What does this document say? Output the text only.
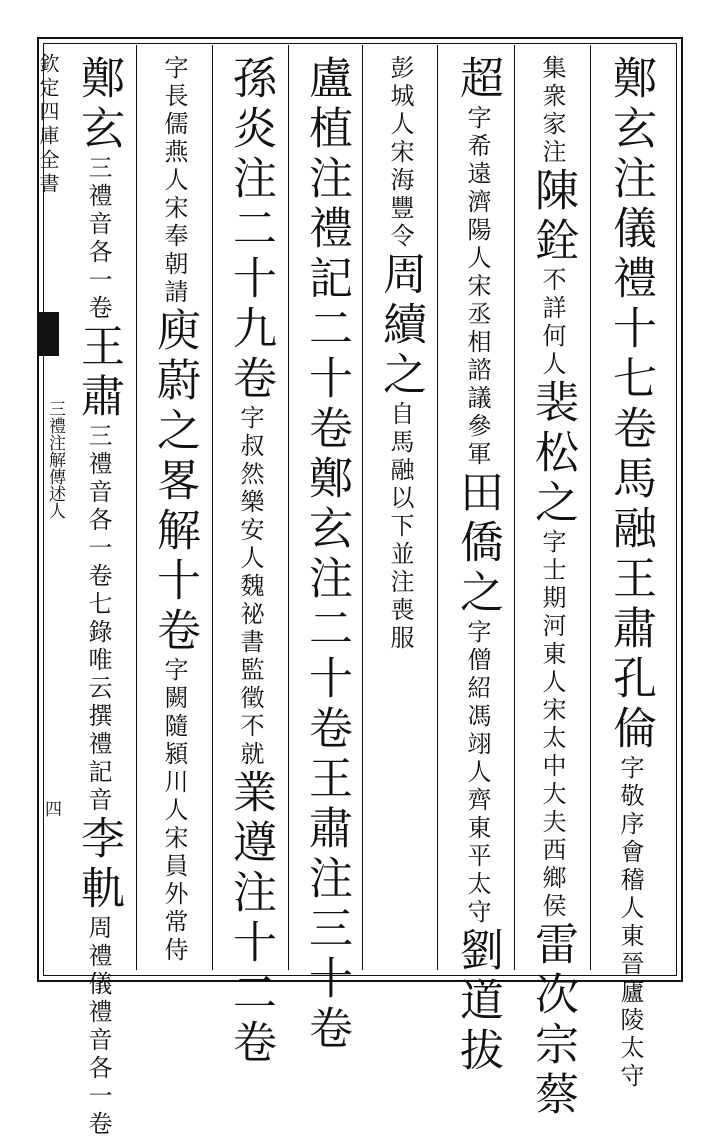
欽定四庫全書
三禮注解傳述人
四
鄭玄注儀禮十七卷馬融王肅孔倫字敬序會稽人東晉廬陵太守
集衆家注陳銓不詳何人裴松之字士期河東人宋太中大夫西鄉侯雷次宗蔡
超字希遠濟陽人宋丞相諮議參軍田僑之字僧紹馮翊人齊東平太守劉道拔
彭城人宋海豐令周續之自馬融以下並注喪服
盧植注禮記二十卷鄭玄注二十卷王肅注三十卷
孫炎注二十九卷字叔然樂安人魏祕書監徵不就業遵注十二卷
字長儒燕人宋奉朝請庾蔚之畧解十卷字闕隨潁川人宋員外常侍
鄭玄三禮音各一卷王肅三禮音各一卷七錄唯云撰禮記音李軌周禮儀禮音各一卷
